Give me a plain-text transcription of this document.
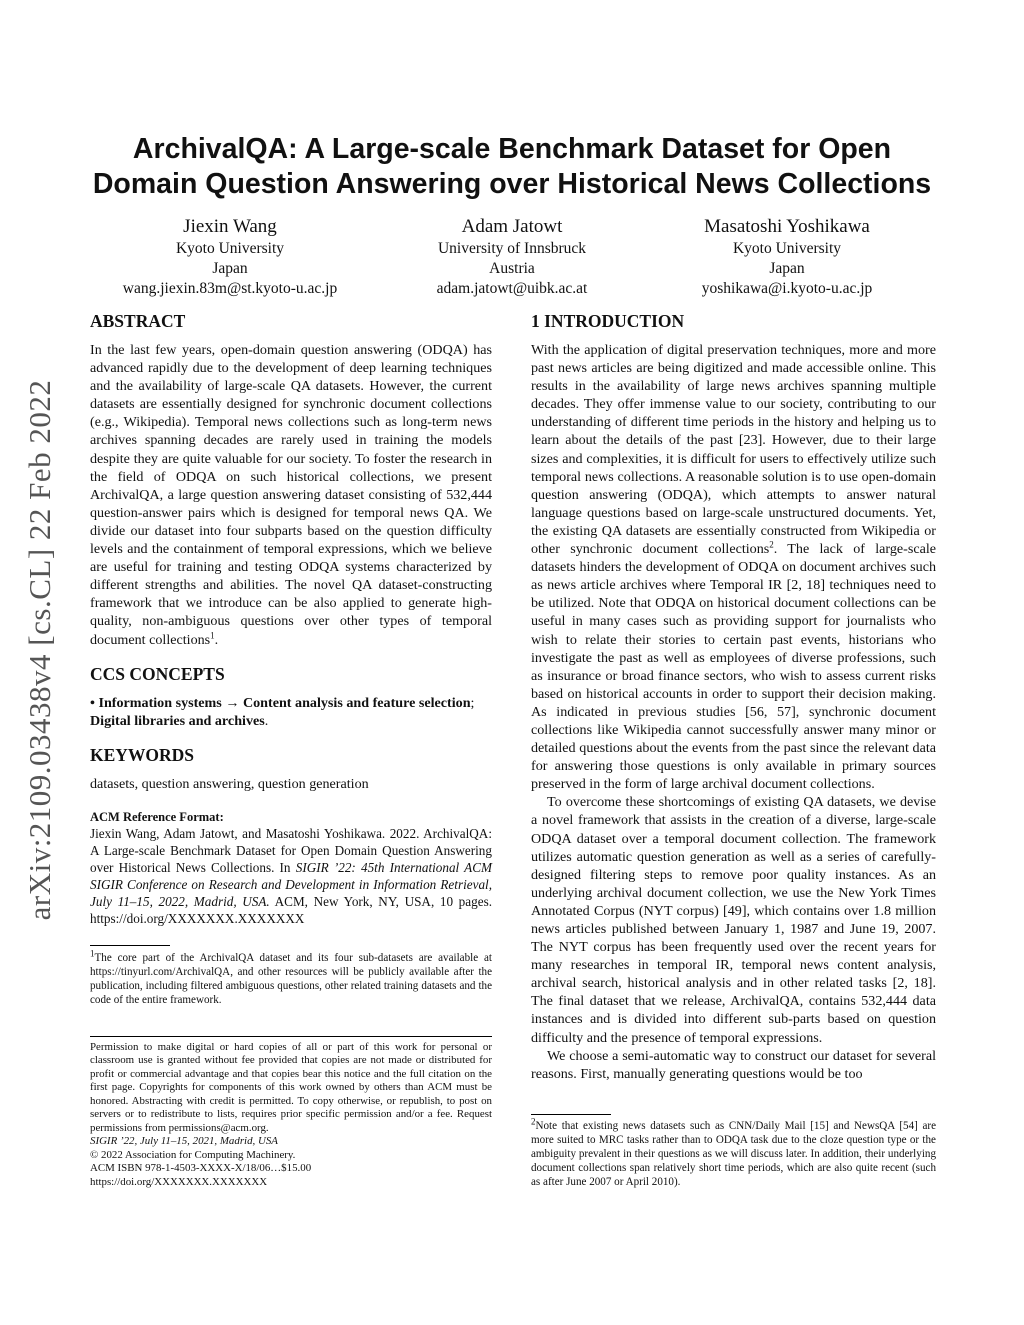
arXiv:2109.03438v4 [cs.CL] 22 Feb 2022
ArchivalQA: A Large-scale Benchmark Dataset for Open
Domain Question Answering over Historical News Collections
Jiexin Wang
Kyoto University
Japan
wang.jiexin.83m@st.kyoto-u.ac.jp
Adam Jatowt
University of Innsbruck
Austria
adam.jatowt@uibk.ac.at
Masatoshi Yoshikawa
Kyoto University
Japan
yoshikawa@i.kyoto-u.ac.jp
ABSTRACT

In the last few years, open-domain question answering (ODQA) has advanced rapidly due to the development of deep learning techniques and the availability of large-scale QA datasets. However, the current datasets are essentially designed for synchronic document collections (e.g., Wikipedia). Temporal news collections such as long-term news archives spanning decades are rarely used in training the models despite they are quite valuable for our society. To foster the research in the field of ODQA on such historical collections, we present ArchivalQA, a large question answering dataset consisting of 532,444 question-answer pairs which is designed for temporal news QA. We divide our dataset into four subparts based on the question difficulty levels and the containment of temporal expressions, which we believe are useful for training and testing ODQA systems characterized by different strengths and abilities. The novel QA dataset-constructing framework that we introduce can be also applied to generate high-quality, non-ambiguous questions over other types of temporal document collections$^1$.

CCS CONCEPTS

• Information systems → Content analysis and feature selection; Digital libraries and archives.

KEYWORDS

datasets, question answering, question generation

ACM Reference Format:

Jiexin Wang, Adam Jatowt, and Masatoshi Yoshikawa. 2022. ArchivalQA: A Large-scale Benchmark Dataset for Open Domain Question Answering over Historical News Collections. In SIGIR ’22: 45th International ACM SIGIR Conference on Research and Development in Information Retrieval, July 11–15, 2022, Madrid, USA. ACM, New York, NY, USA, 10 pages. https://doi.org/XXXXXXX.XXXXXXX

$^1$The core part of the ArchivalQA dataset and its four sub-datasets are available at https://tinyurl.com/ArchivalQA, and other resources will be publicly available after the publication, including filtered ambiguous questions, other related training datasets and the code of the entire framework.

Permission to make digital or hard copies of all or part of this work for personal or classroom use is granted without fee provided that copies are not made or distributed for profit or commercial advantage and that copies bear this notice and the full citation on the first page. Copyrights for components of this work owned by others than ACM must be honored. Abstracting with credit is permitted. To copy otherwise, or republish, to post on servers or to redistribute to lists, requires prior specific permission and/or a fee. Request permissions from permissions@acm.org.
SIGIR ’22, July 11–15, 2021, Madrid, USA
© 2022 Association for Computing Machinery.
ACM ISBN 978-1-4503-XXXX-X/18/06…$15.00
https://doi.org/XXXXXXX.XXXXXXX
1 INTRODUCTION

With the application of digital preservation techniques, more and more past news articles are being digitized and made accessible online. This results in the availability of large news archives spanning multiple decades. They offer immense value to our society, contributing to our understanding of different time periods in the history and helping us to learn about the details of the past [23]. However, due to their large sizes and complexities, it is difficult for users to effectively utilize such temporal news collections. A reasonable solution is to use open-domain question answering (ODQA), which attempts to answer natural language questions based on large-scale unstructured documents. Yet, the existing QA datasets are essentially constructed from Wikipedia or other synchronic document collections$^2$. The lack of large-scale datasets hinders the development of ODQA on document archives such as news article archives where Temporal IR [2, 18] techniques need to be utilized. Note that ODQA on historical document collections can be useful in many cases such as providing support for journalists who wish to relate their stories to certain past events, historians who investigate the past as well as employees of diverse professions, such as insurance or broad finance sectors, who wish to assess current risks based on historical accounts in order to support their decision making. As indicated in previous studies [56, 57], synchronic document collections like Wikipedia cannot successfully answer many minor or detailed questions about the events from the past since the relevant data for answering those questions is only available in primary sources preserved in the form of large archival document collections.

To overcome these shortcomings of existing QA datasets, we devise a novel framework that assists in the creation of a diverse, large-scale ODQA dataset over a temporal document collection. The framework utilizes automatic question generation as well as a series of carefully-designed filtering steps to remove poor quality instances. As an underlying archival document collection, we use the New York Times Annotated Corpus (NYT corpus) [49], which contains over 1.8 million news articles published between January 1, 1987 and June 19, 2007. The NYT corpus has been frequently used over the recent years for many researches in temporal IR, temporal news content analysis, archival search, historical analysis and in other related tasks [2, 18]. The final dataset that we release, ArchivalQA, contains 532,444 data instances and is divided into different sub-parts based on question difficulty and the presence of temporal expressions.

We choose a semi-automatic way to construct our dataset for several reasons. First, manually generating questions would be too

$^2$Note that existing news datasets such as CNN/Daily Mail [15] and NewsQA [54] are more suited to MRC tasks rather than to ODQA task due to the cloze question type or the ambiguity prevalent in their questions as we will discuss later. In addition, their underlying document collections span relatively short time periods, which are also quite recent (such as after June 2007 or April 2010).
